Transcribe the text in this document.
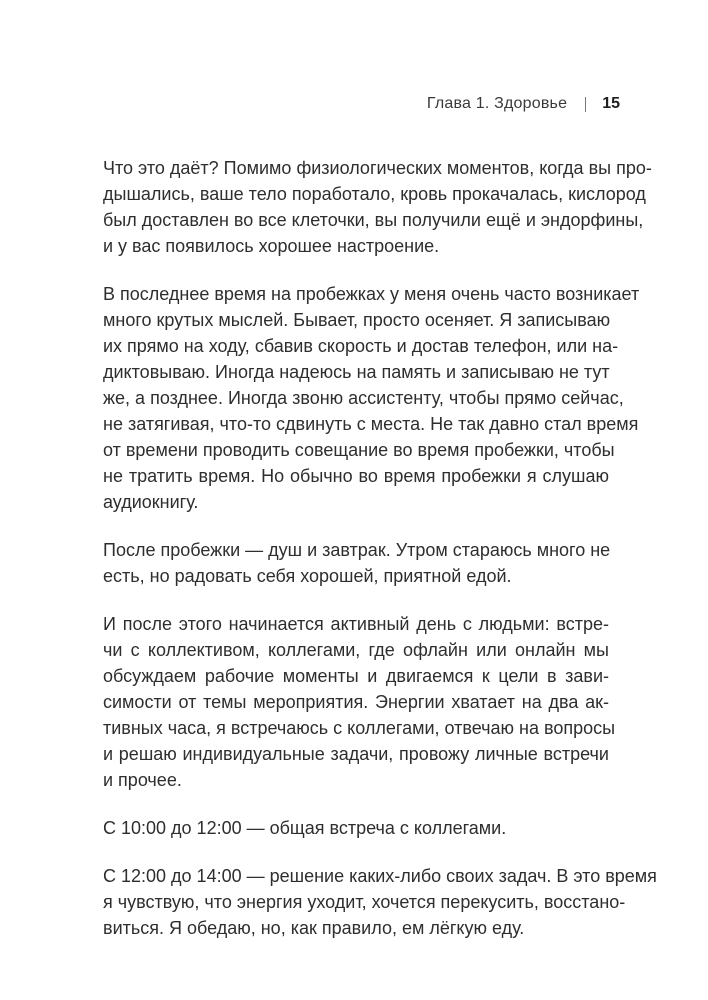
Глава 1. Здоровье 15

Что это даёт? Помимо физиологических моментов, когда вы про-
дышались, ваше тело поработало, кровь прокачалась, кислород
был доставлен во все клеточки, вы получили ещё и эндорфины,
и у вас появилось хорошее настроение.

В последнее время на пробежках у меня очень часто возникает
много крутых мыслей. Бывает, просто осеняет. Я записываю
их прямо на ходу, сбавив скорость и достав телефон, или на-
диктовываю. Иногда надеюсь на память и записываю не тут
же, а позднее. Иногда звоню ассистенту, чтобы прямо сейчас,
не затягивая, что-то сдвинуть с места. Не так давно стал время
от времени проводить совещание во время пробежки, чтобы
не тратить время. Но обычно во время пробежки я слушаю
аудиокнигу.

После пробежки — душ и завтрак. Утром стараюсь много не
есть, но радовать себя хорошей, приятной едой.

И после этого начинается активный день с людьми: встре-
чи с коллективом, коллегами, где офлайн или онлайн мы
обсуждаем рабочие моменты и двигаемся к цели в зави-
симости от темы мероприятия. Энергии хватает на два ак-
тивных часа, я встречаюсь с коллегами, отвечаю на вопросы
и решаю индивидуальные задачи, провожу личные встречи
и прочее.

С 10:00 до 12:00 — общая встреча с коллегами.

С 12:00 до 14:00 — решение каких-либо своих задач. В это время
я чувствую, что энергия уходит, хочется перекусить, восстано-
виться. Я обедаю, но, как правило, ем лёгкую еду.
